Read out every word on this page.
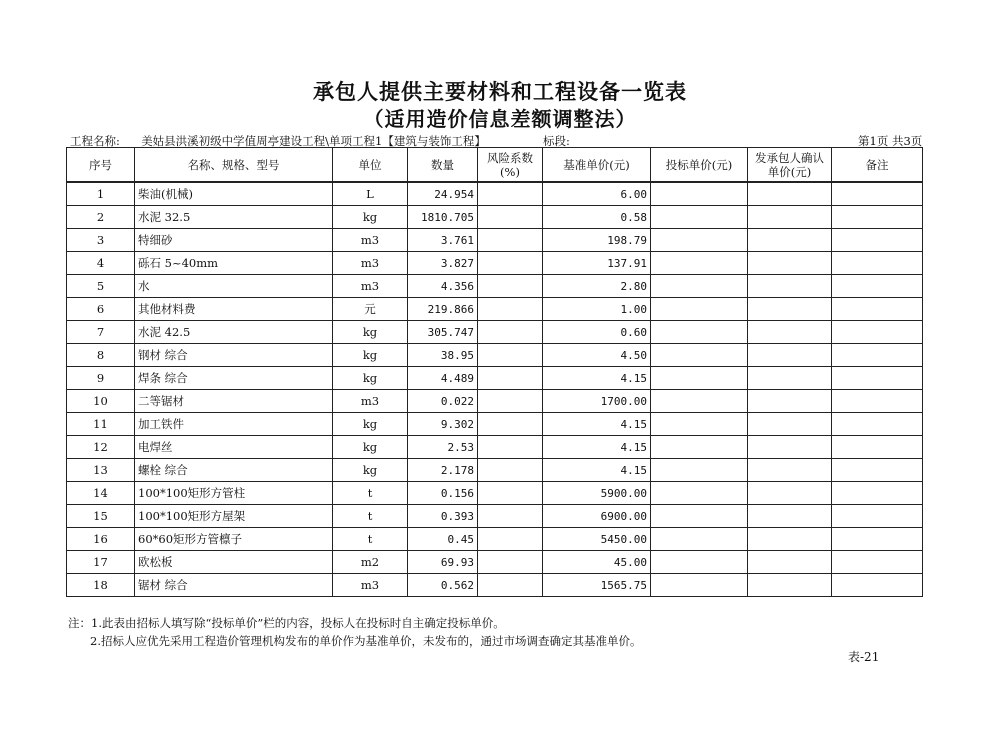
承包人提供主要材料和工程设备一览表
（适用造价信息差额调整法）
工程名称: 美姑县洪溪初级中学值周亭建设工程\单项工程1【建筑与装饰工程】	标段:	第1页 共3页
序号	名称、规格、型号	单位	数量	风险系数(%)	基准单价(元)	投标单价(元)	发承包人确认单价(元)	备注
1	柴油(机械)	L	24.954		6.00			
2	水泥 32.5	kg	1810.705		0.58			
3	特细砂	m3	3.761		198.79			
4	砾石 5~40mm	m3	3.827		137.91			
5	水	m3	4.356		2.80			
6	其他材料费	元	219.866		1.00			
7	水泥 42.5	kg	305.747		0.60			
8	钢材 综合	kg	38.95		4.50			
9	焊条 综合	kg	4.489		4.15			
10	二等锯材	m3	0.022		1700.00			
11	加工铁件	kg	9.302		4.15			
12	电焊丝	kg	2.53		4.15			
13	螺栓 综合	kg	2.178		4.15			
14	100*100矩形方管柱	t	0.156		5900.00			
15	100*100矩形方屋架	t	0.393		6900.00			
16	60*60矩形方管檩子	t	0.45		5450.00			
17	欧松板	m2	69.93		45.00			
18	锯材 综合	m3	0.562		1565.75			
注：1.此表由招标人填写除“投标单价”栏的内容，投标人在投标时自主确定投标单价。
2.招标人应优先采用工程造价管理机构发布的单价作为基准单价，未发布的，通过市场调查确定其基准单价。
表-21
